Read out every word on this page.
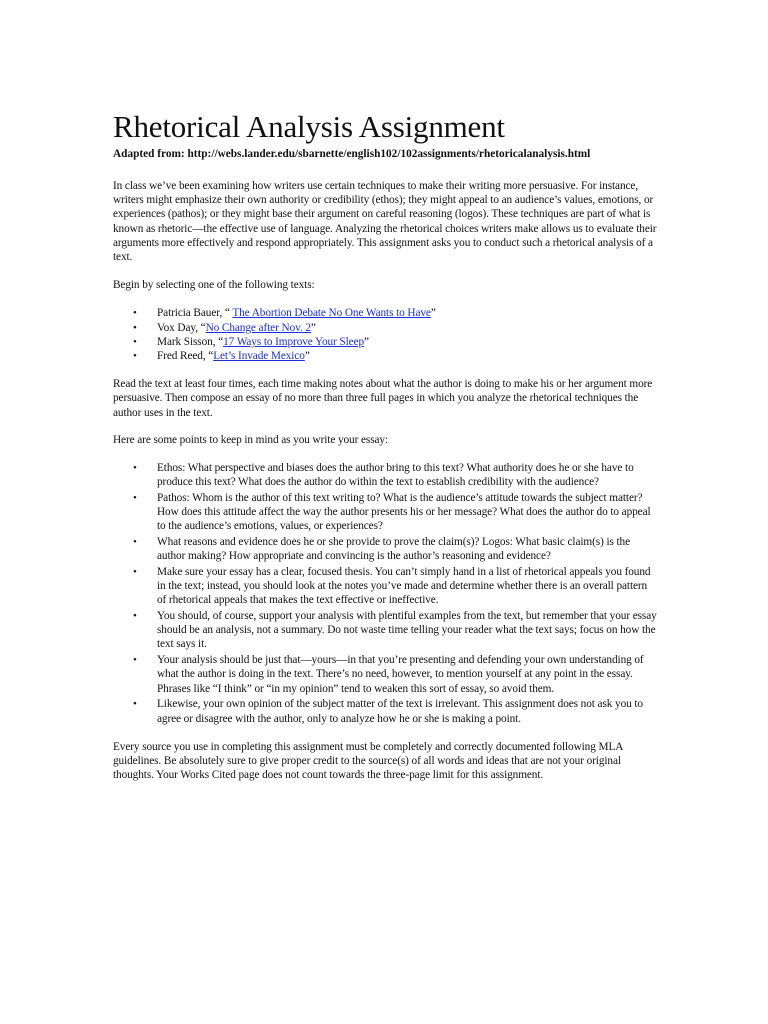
Rhetorical Analysis Assignment

Adapted from: http://webs.lander.edu/sbarnette/english102/102assignments/rhetoricalanalysis.html

In class we’ve been examining how writers use certain techniques to make their writing more persuasive. For instance, writers might emphasize their own authority or credibility (ethos); they might appeal to an audience’s values, emotions, or experiences (pathos); or they might base their argument on careful reasoning (logos). These techniques are part of what is known as rhetoric—the effective use of language. Analyzing the rhetorical choices writers make allows us to evaluate their arguments more effectively and respond appropriately. This assignment asks you to conduct such a rhetorical analysis of a text.

Begin by selecting one of the following texts:

• Patricia Bauer, “ The Abortion Debate No One Wants to Have”
• Vox Day, “No Change after Nov. 2”
• Mark Sisson, “17 Ways to Improve Your Sleep”
• Fred Reed, “Let’s Invade Mexico”

Read the text at least four times, each time making notes about what the author is doing to make his or her argument more persuasive. Then compose an essay of no more than three full pages in which you analyze the rhetorical techniques the author uses in the text.

Here are some points to keep in mind as you write your essay:

• Ethos: What perspective and biases does the author bring to this text? What authority does he or she have to produce this text? What does the author do within the text to establish credibility with the audience?
• Pathos: Whom is the author of this text writing to? What is the audience’s attitude towards the subject matter? How does this attitude affect the way the author presents his or her message? What does the author do to appeal to the audience’s emotions, values, or experiences?
• What reasons and evidence does he or she provide to prove the claim(s)? Logos: What basic claim(s) is the author making? How appropriate and convincing is the author’s reasoning and evidence?
• Make sure your essay has a clear, focused thesis. You can’t simply hand in a list of rhetorical appeals you found in the text; instead, you should look at the notes you’ve made and determine whether there is an overall pattern of rhetorical appeals that makes the text effective or ineffective.
• You should, of course, support your analysis with plentiful examples from the text, but remember that your essay should be an analysis, not a summary. Do not waste time telling your reader what the text says; focus on how the text says it.
• Your analysis should be just that—yours—in that you’re presenting and defending your own understanding of what the author is doing in the text. There’s no need, however, to mention yourself at any point in the essay. Phrases like “I think” or “in my opinion” tend to weaken this sort of essay, so avoid them.
• Likewise, your own opinion of the subject matter of the text is irrelevant. This assignment does not ask you to agree or disagree with the author, only to analyze how he or she is making a point.

Every source you use in completing this assignment must be completely and correctly documented following MLA guidelines. Be absolutely sure to give proper credit to the source(s) of all words and ideas that are not your original thoughts. Your Works Cited page does not count towards the three-page limit for this assignment.
